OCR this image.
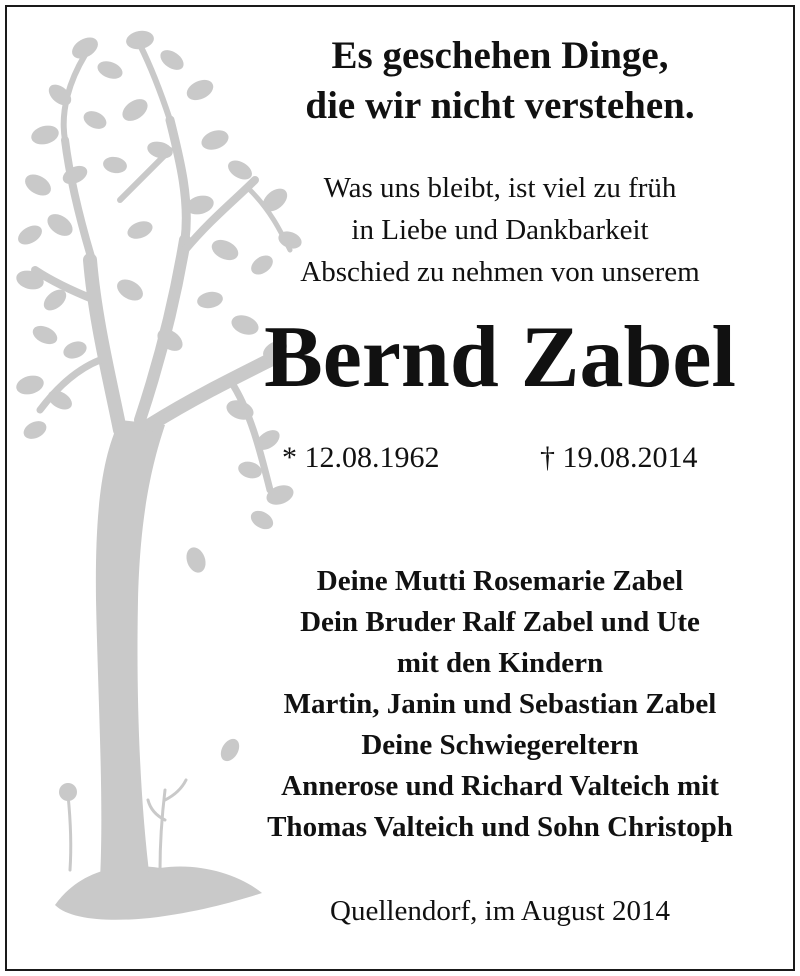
Es geschehen Dinge,
die wir nicht verstehen.
Was uns bleibt, ist viel zu früh
in Liebe und Dankbarkeit
Abschied zu nehmen von unserem
Bernd Zabel
* 12.08.1962	† 19.08.2014
Deine Mutti Rosemarie Zabel
Dein Bruder Ralf Zabel und Ute
mit den Kindern
Martin, Janin und Sebastian Zabel
Deine Schwiegereltern
Annerose und Richard Valteich mit
Thomas Valteich und Sohn Christoph
Quellendorf, im August 2014
